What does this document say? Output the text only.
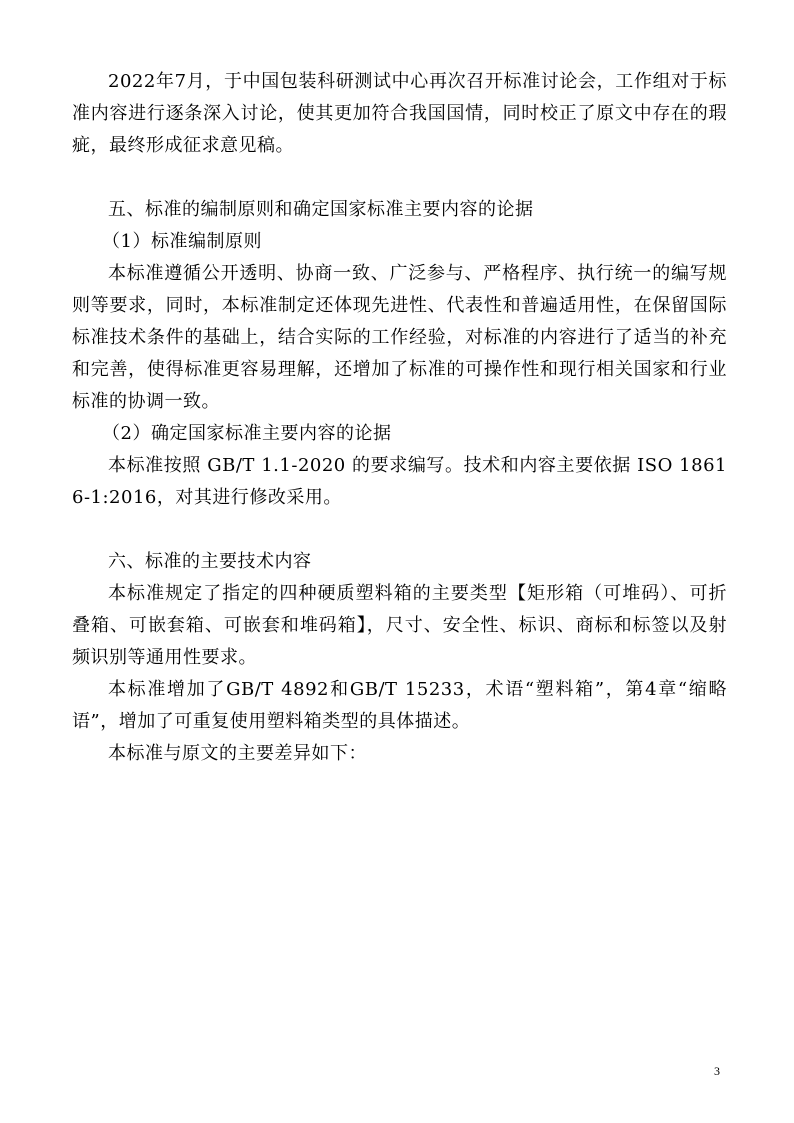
2022年7月，于中国包装科研测试中心再次召开标准讨论会，工作组对于标准内容进行逐条深入讨论，使其更加符合我国国情，同时校正了原文中存在的瑕疵，最终形成征求意见稿。

五、标准的编制原则和确定国家标准主要内容的论据

（1）标准编制原则

本标准遵循公开透明、协商一致、广泛参与、严格程序、执行统一的编写规则等要求，同时，本标准制定还体现先进性、代表性和普遍适用性，在保留国际标准技术条件的基础上，结合实际的工作经验，对标准的内容进行了适当的补充和完善，使得标准更容易理解，还增加了标准的可操作性和现行相关国家和行业标准的协调一致。

（2）确定国家标准主要内容的论据

本标准按照 GB/T 1.1-2020 的要求编写。技术和内容主要依据 ISO 18616-1:2016，对其进行修改采用。

六、标准的主要技术内容

本标准规定了指定的四种硬质塑料箱的主要类型【矩形箱（可堆码）、可折叠箱、可嵌套箱、可嵌套和堆码箱】，尺寸、安全性、标识、商标和标签以及射频识别等通用性要求。

本标准增加了GB/T 4892和GB/T 15233，术语“塑料箱”，第4章“缩略语”，增加了可重复使用塑料箱类型的具体描述。

本标准与原文的主要差异如下：

3
